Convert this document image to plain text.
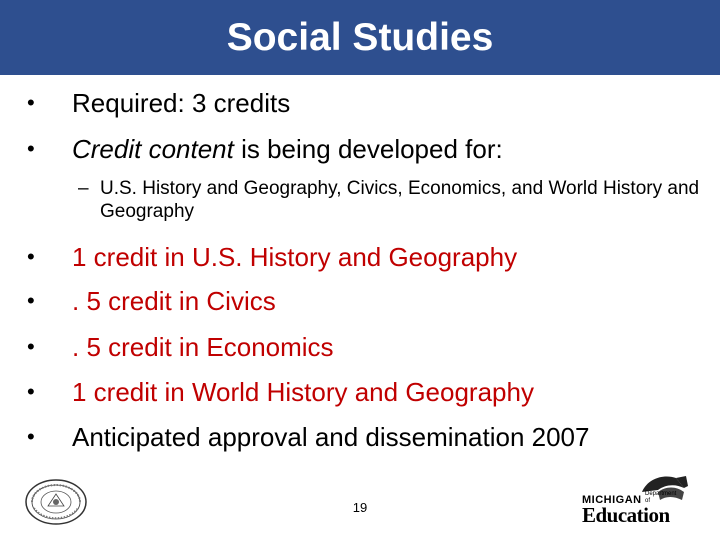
Social Studies
• Required: 3 credits
• Credit content is being developed for:
– U.S. History and Geography, Civics, Economics, and World History and Geography
• 1 credit in U.S. History and Geography
• . 5 credit in Civics
• . 5 credit in Economics
• 1 credit in World History and Geography
• Anticipated approval and dissemination 2007
19	MICHIGAN Department of
Education
